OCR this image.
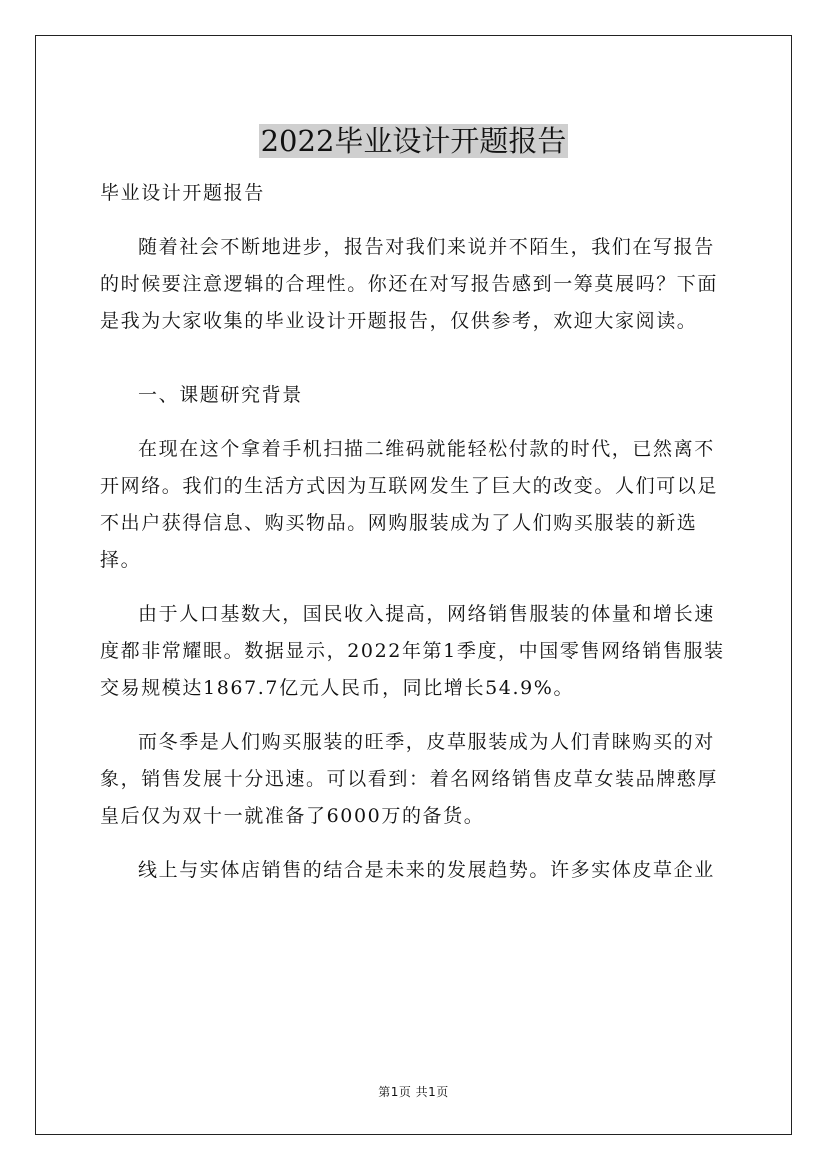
2022毕业设计开题报告

毕业设计开题报告

随着社会不断地进步，报告对我们来说并不陌生，我们在写报告的时候要注意逻辑的合理性。你还在对写报告感到一筹莫展吗？下面是我为大家收集的毕业设计开题报告，仅供参考，欢迎大家阅读。

一、课题研究背景

在现在这个拿着手机扫描二维码就能轻松付款的时代，已然离不开网络。我们的生活方式因为互联网发生了巨大的改变。人们可以足不出户获得信息、购买物品。网购服装成为了人们购买服装的新选择。

由于人口基数大，国民收入提高，网络销售服装的体量和增长速度都非常耀眼。数据显示，2022年第1季度，中国零售网络销售服装交易规模达1867.7亿元人民币，同比增长54.9%。

而冬季是人们购买服装的旺季，皮草服装成为人们青睐购买的对象，销售发展十分迅速。可以看到：着名网络销售皮草女装品牌憨厚皇后仅为双十一就准备了6000万的备货。

线上与实体店销售的结合是未来的发展趋势。许多实体皮草企业

第1页 共1页
